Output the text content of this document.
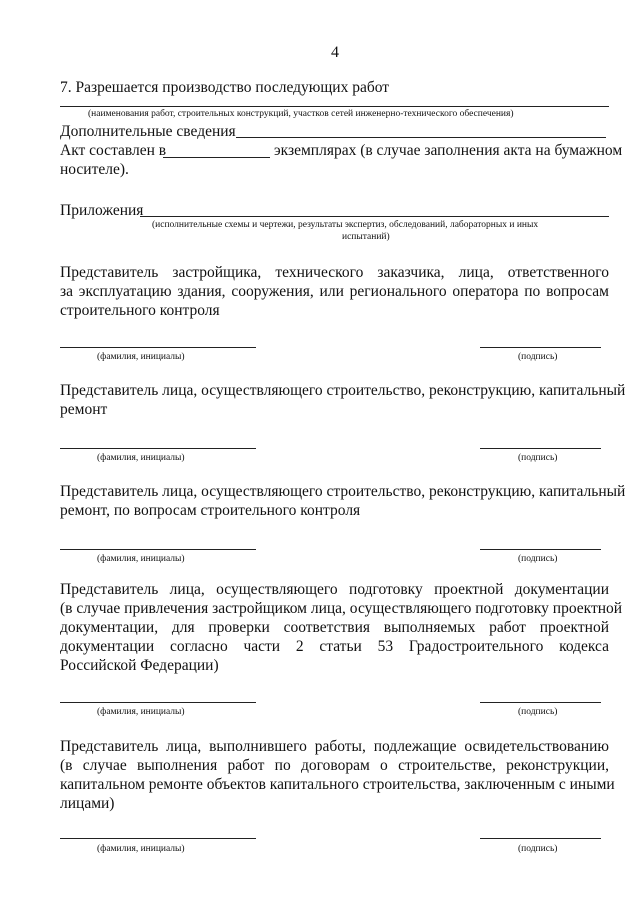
4
7. Разрешается производство последующих работ
(наименования работ, строительных конструкций, участков сетей инженерно-технического обеспечения)
Дополнительные сведения
Акт составлен в	экземплярах (в случае заполнения акта на бумажном
носителе).
Приложения
(исполнительные схемы и чертежи, результаты экспертиз, обследований, лабораторных и иных
испытаний)
Представитель застройщика, технического заказчика, лица, ответственного
за эксплуатацию здания, сооружения, или регионального оператора по вопросам
строительного контроля
(фамилия, инициалы)	(подпись)
Представитель лица, осуществляющего строительство, реконструкцию, капитальный
ремонт
(фамилия, инициалы)	(подпись)
Представитель лица, осуществляющего строительство, реконструкцию, капитальный
ремонт, по вопросам строительного контроля
(фамилия, инициалы)	(подпись)
Представитель лица, осуществляющего подготовку проектной документации
(в случае привлечения застройщиком лица, осуществляющего подготовку проектной
документации, для проверки соответствия выполняемых работ проектной
документации согласно части 2 статьи 53 Градостроительного кодекса
Российской Федерации)
(фамилия, инициалы)	(подпись)
Представитель лица, выполнившего работы, подлежащие освидетельствованию
(в случае выполнения работ по договорам о строительстве, реконструкции,
капитальном ремонте объектов капитального строительства, заключенным с иными
лицами)
(фамилия, инициалы)	(подпись)
